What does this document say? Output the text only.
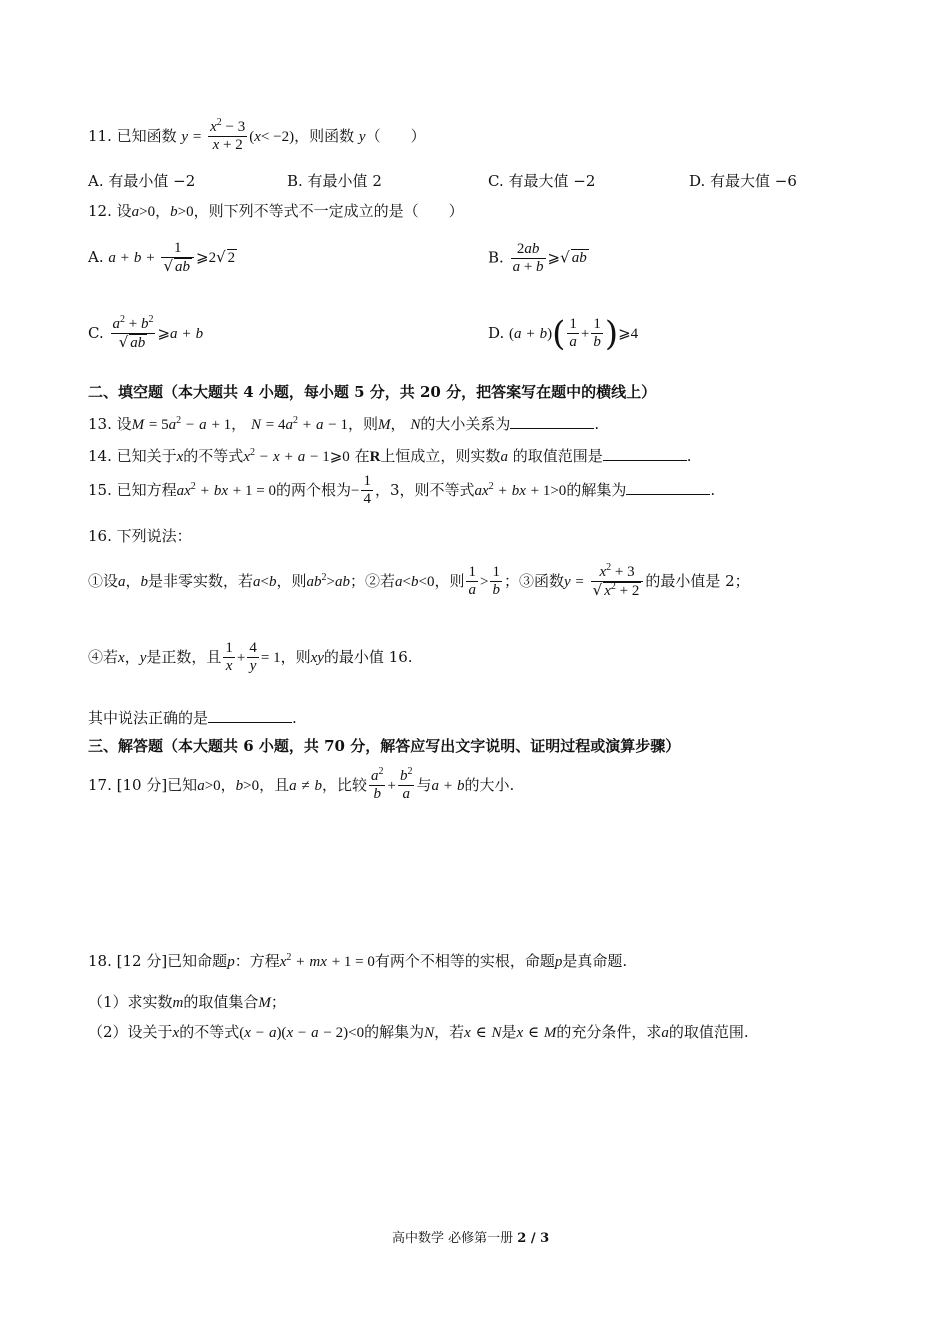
11. 已知函数 $y = \frac{x^2 - 3}{x + 2} (x< -2)$，则函数 y（　　）
A. 有最小值 −2	B. 有最小值 2	C. 有最大值 −2	D. 有最大值 −6
12. 设a>0，b>0，则下列不等式不一定成立的是（　　）
A. $a + b + \frac{1}{√ ab}$ ⩾2√ 2	B. $\frac{2ab}{a + b}$ ⩾√ ab
C. $\frac{a^2 + b^2}{√ ab}$ ⩾a + b	D. $(a + b)( \frac{1}{a} + \frac{1}{b}$ )⩾4
二、填空题（本大题共 4 小题，每小题 5 分，共 20 分，把答案写在题中的横线上）
13. 设$M = 5a^2 - a + 1$， $N = 4a^2 + a - 1$，则M， N的大小关系为	.
14. 已知关于x的不等式$x^2 - x + a$ − 1⩾0 在R上恒成立，则实数a 的取值范围是	.
15. 已知方程$ax^2$ + bx + 1 = 0的两个根为− $\frac{1}{4}$ ，3，则不等式$ax^2$ + bx + 1>0的解集为	.
16. 下列说法：
①设a，b是非零实数，若a<b，则$ab^2>ab$；②若a<b<0，则 $\frac{1}{a} > \frac{1}{b}$ ；③函数$y = \frac{x^2 + 3}{√ x^2 + 2}$ 的最小值是 2；
④若x，y是正数，且 $\frac{1}{x} + \frac{4}{y} = 1$，则xy的最小值 16.
其中说法正确的是	.
三、解答题（本大题共 6 小题，共 70 分，解答应写出文字说明、证明过程或演算步骤）
17. [10 分]已知a>0，b>0，且a ≠ b，比较 $\frac{a^2}{b} + \frac{b^2}{a}$ 与a + b的大小.
18. [12 分]已知命题p：方程$x^2$ + mx + 1 = 0有两个不相等的实根，命题p是真命题.
（1）求实数m的取值集合M；
（2）设关于x的不等式(x − a)(x − a − 2)<0的解集为N，若x ∈ N是x ∈ M的充分条件，求a的取值范围.
高中数学 必修第一册 2 / 3
